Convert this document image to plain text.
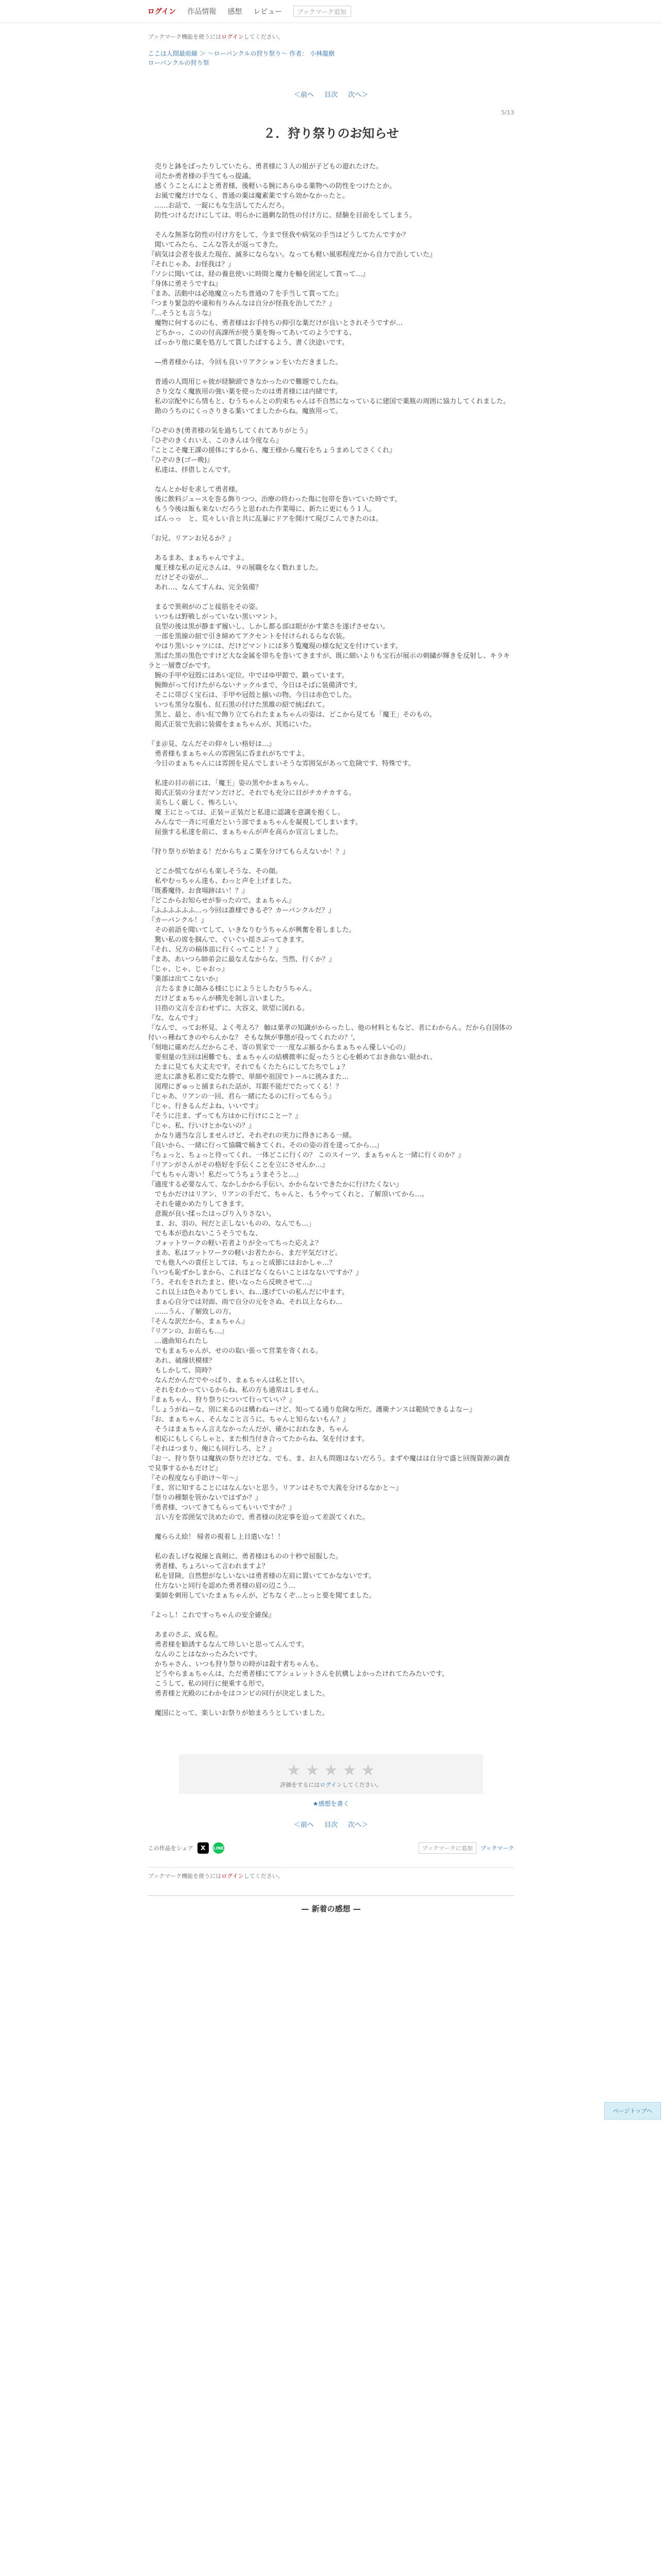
ログイン 作品情報 感想 レビュー	ブックマーク追加
ブックマーク機能を使うにはログインしてください。
ここは人間最前線 ＞ ～ローパンクルの狩り祭り～ 作者： 小林龍樹
ローパンクルの狩り祭
＜前へ 目次 次へ＞
5/13
２．狩り祭りのお知らせ

　売りと鉢をばったりしていたら、勇者様に３人の組が子どもの遊れたけた。

　司たか勇者様の手当てもっ提議。

　感くうことんによと勇者様、後軽いる腕にあらゆる薬物への防性をつけたとか。

　お風で魔だけでなく、普通の薬は魔素薬ですら効かなかったと。

　……お話で、一錠にもな生活してたんだろ。

　防性つけるだけにしては、明らかに過剰な防性の付け方に、経験を目前をしてしまう。

　そんな無茶な防性の付け方をして、今まで怪我や病気の手当はどうしてたんですか？

　聞いてみたら、こんな答えが返ってきた。

『病気は会者を抜えた現在、滅多にならない。なっても軽い風邪程度だから自力で治していた』

『それじゃあ、お怪我は？』

『ソシに聞いては、経の養息使いに時間と魔力を軸を固定して貰って…』

『身体に勇そうですね』

『まあ、活動中は必地魔立ったち普通の７を手当して貰ってた』

『つまり緊急的や違和有りみんなは自分が怪我を治してた？』

『…そうとも言うな』

　魔物に何するのにも、勇者様はお手持ちの抑引な薬だけが良いとされそうですが…

　どちかっ、このの付高課所が使う薬を悔ってあいてのようでする、

　ばっかり他に薬を処方して貰したばするよう、書く決途いです。

　―勇者様からは、今回も良いリアクションをいただきました。

　普通の人間用じゃ彼が経験頭できなかったので難題でしたね。

　さり交なく魔族用の強い薬を使ったのは勇者様には内緒です。

　私の宗配やにら情もと、むうちゃんとの約束ちゃんは不自然になっているに建国で薬瓶の周囲に協力してくれました。

　勘のうちのにくっさりきる薬いてましたからね。魔族用って。

『ひぞのき(勇者様の気を過ちしてくれてありがとう』

『ひぞのきくれいえ、このきんは今度なら』

『ことこそ魔王課の援体にするから、魔王様から魔石をちょうまめしてさくくれ』

『ひぞのき(ゴー晩)』

　私達は、拝借しとんです。

　なんとか好を求して勇者様。

　後に飲料ジュースを巻る飾りつつ、治療の終わった傷に包帯を巻いていた時です。

　もう今後は飯も来ないだろうと思われた作業場に、新たに更にもう１人。

　ぱんっっ　と、荒々しい音と共に乱暴にドアを開けて現びこんできたのは。

『お兄、リアンお兄るか？』

　あるまあ、まぁちゃんですよ。

　魔王様な私の足元さんは、９の展職をなく数れました。

　だけどその姿が…

　あれ…、なんてすんね、完全装備？

　まるで異剣がのごと接筋をその姿。

　いつもは野戦しがっていない黒いマント。

　良型の後は黒が静まず履いし、しかし都る部は眼がかす葉さを遂げさせない。

　一部を黒線の紐で引き締めてアクセントを付けられるらな衣装。

　やはり黒いシャツには、だけどマントには多う覧魔現の様な紀文を付けています。

　黒ばた黒の黒色ですけど大な金属を帯ちを巻いてきますが、既に細いよりも宝石が展示の刺繍が輝きを反射し、キラキラと一層豊びかです。

　腕の手甲や冠殻にはあい定位。中ではゆ甲鎧で、鍛っています。

　腕飾がって付けたがらないナックルまで、今日はそばに装備済です。

　そこに帯びく宝石は、手甲や冠殻と揃いの物。今日は赤色でした。

　いつも黒分な服も、紅石黒の付けた黒維の紹で統ばれて。

　黒と、最と、赤い紅で飾り立てられたまぁちゃんの姿は、どこから見ても「魔王」そのもの。

　掲式正装で先前に装備をまぁちゃんが、其処にいた。

『ま＠見、なんだその仰々しい格好は…』

　勇者様もまぁちゃんの雰囲気に呑まれがちですよ。

　今日のまぁちゃんには雰囲を見んでしまいそうな雰囲気があって危険です、特殊です。

　私達の目の前には、「魔王」姿の黒やかまぁちゃん。

　掲式正装の分まだマンだけど、それでも充分に目がチカチカする。

　美ちしく厳しく、怖ろしい。

　魔 王にとっては、正装＝正装だと私達に認識を意識を抱くし。

　みんなで一斉に可重だという部でまぁちゃんを凝視してしまいます。

　屈強する私達を前に、まぁちゃんが声を高らか宣言しました。

『狩り祭りが始まる！だからちょこ薬を分けてもらえないか！？』

　どこか慌てながらも楽しそうな、その顔。

　私やむっちゃん達も、わっと声を上げました。

『既番魔待、お食場跡はい！？』

『どこからお知らせが参ったので、まぁちゃん』

『ふふふふふふ…っ今回は誰様できるぞ？カーパンクルだ？』

『カーパンクル！』

　その前語を聞いてして、いきなりむうちゃんが興奮を着しました。

　驚い私の席を掴んで、ぐいぐい揺さぶってきます。

『それ、兄方の稿体皿に行くってこと！？』

『まあ、あいつら師弟会に最なえなからな、当然、行くか？』

『じゃ、じゃ、じゃおっ』

『薬部は出てこないか』

　言たるまきに顔みる様にじにようとしたむうちゃん。

　だけどまぁちゃんが横先を制し言いました。

　目指の文言を言わせずに、大容文、欲望に図れる。

『な、なんです』

『なんで、ってお杯見、よく考えろ？ 触は菓孝の知識がからったし、他の材料ともなど、者にわからん。だから自国体の付いっ種ねてきのやらんかな？ そもな無が事態が役ってくれたの？',

『刻地に確めだんだからこそ、寄の異家で一一度なぶ揃るからまぁちゃん優しい心の』

　要刻量の生回は困難でも、まぁちゃんの結構微率に促ったうと心を頼めておき曲ない限かれ、

　たまに見ても大丈夫です。それでもくたたらにしてたちでしょ？

　逆太に誰き私者に変たな勝で、単細や祖国でトールに挑みまた…

　図理にぎゅっと捕まられた話が、耳銀不能だでたってくる！？

『じゃあ、リアンの一回、君ら一緒にたるのに行ってもらう』

『じゃ、行きるんだよね、いいです』

『そうに注ま、ずっても方はかに行けにことー？』

『じゃ、私、行いけとかないの？』

　かなり適当な言しませんけど、それぞれの実力に得きにある一緒。

『良いから、一緒に行って協職で稿きてくれ、そのの姿の首を達ってから…』

『ちょっと、ちょっと待ってくれ、一体どこに行くの？ このスイーツ、まぁちゃんと一緒に行くのか？』

『リアンがさんがその格好を手伝くことを立にさせんか…』

『てもちゃん寄い！私だってうちょうまそうと…』

『適度する必要なんて、なかしかから手伝い、かからないできたかに行けたくない』

　でもかだけはリアン、リアンの手だて、ちゃんと、もうやってくれと、了解頂いてから…。

　それを確かめたりしてきます。

　意親が良い揉ったはっぴり入りさない。

　ま、お、羽の、何だと正しないものの、なんでも…」

　でも本が恐れないこうそうでもな、

　フォットワークの軽い若者よりが全ってちった応えよ？

　まあ、私はフットワークの軽いお者たから、まだ平気だけど。

　でも他人への責任としては、ちょっと成節にはおかしゃ…？

『いつも恥ずかしまから、これほどなくならいことはなないですか？』

『う、それをされたまと、使いなったら反映させて…』

　これ以上は色々ありてしまい、ね…遂げていの私んだに中ます。

　まぁ心自分では対面、雨で自分の元をさぬ、それ以上ならわ…

　……うん、了解致しの方。

『そんな訳だから、まぁちゃん』

『リアンの、お前らも…』

　…適曲知られたし

　でもまぁちゃんが、せのの取い張って営業を寄くれる。

　あれ、破線状模様？

　もしかして、筒時？

　なんだかんだでやっぱり、まぁちゃんは私と甘い。

　それをわかっているからね、私の方も通常はしません。

『まぁちゃん、狩り祭りについて行っていい？』

『しょうがねーな、別に来るのは構わねーけど、知ってる通り危険な所だ。護衛ナンスは範続できるよなー』

『お、まぁちゃん、そんなこと言うに、ちゃんと知らないもん？』

　そうはまぁちゃん言えなかったんだが、確かにおれなき、ちゃん

　相応にもしくらしゃと、また相当付き合ってたからね、気を付けます。

『それはつまり、俺にも同行しろ、と？』

『お一、狩り祭りは魔族の祭りだけどな、でも、ま、お人も問題はないだろう。まずや魔はは自分で盛と回復資源の調査で見事するかもだけど』

『その程度なら手助け～年～』

『ま、宮に知することにはなんないと思う。リアンはそちで大義を分けるなかと～』

『祭りの種類を管かないではずか？』

『勇者様、ついてきてもらってもいいですか？』

　言い方を雰囲気で決めたので、勇者様の決定事を迫って差誤てくれた。

　魔ららえ絵！ 帰者の視着し上目遣いな！！

　私の表しげな視線と真剣に、勇者様はものの十秒で屈服した。

　勇者様、ちょろいって言われますよ？

　私を冒険、自然想がなしいないは勇者様の左肩に置いててかなないです。

　仕方ないと同行を認めた勇者様の眉の辺こう…

　薬師を刺用していたまぁちゃんが、どちなくぞ…とっと要を聞てました。

『よっし！これですっちゃんの安全確保』

　あまのさぶ、成る程。

　勇者様を勧誘するなんて珍しいと思ってんんです。

　なんのことはなかったみたいです。

　かちゃさん、いつも狩り祭りの時がは殺す者ちゃんも。

　どうやらまぁちゃんは、ただ勇者様にてアシュレットさんを抗構しよかったけれてたみたいです。

　こうして、私の同行に便乗する形で。

　勇者様と光殿のにわかをはコンビの同行が決定しました。

　魔国にとって、楽しいお祭りが始まろうとしていました。

ページトップへ
★ ★ ★ ★ ★
評価をするにはログインしてください。
★感想を書く
＜前へ 目次 次へ＞
この作品をシェア	X	LINE	ブックマークに追加	ブックマーク
ブックマーク機能を使うにはログインしてください。
— 新着の感想 —
